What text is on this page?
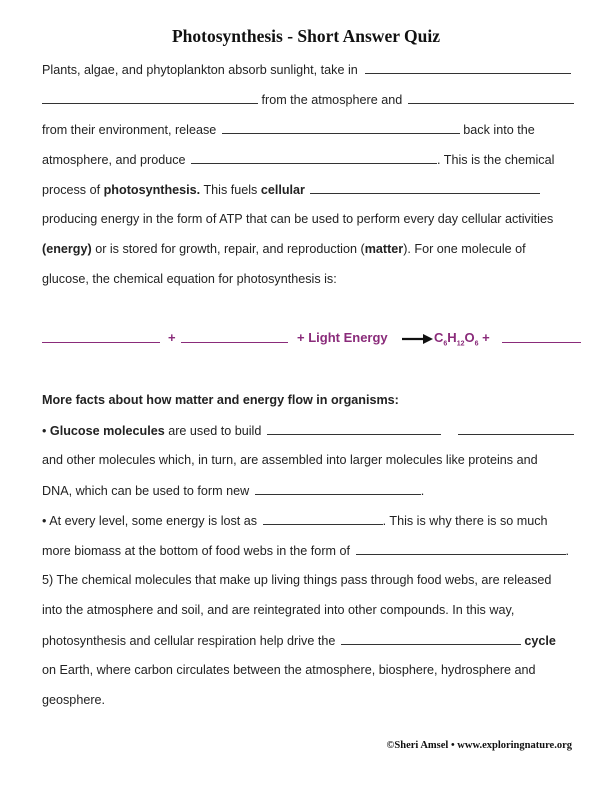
Photosynthesis - Short Answer Quiz
Plants, algae, and phytoplankton absorb sunlight, take in
from the atmosphere and
from their environment, release	back into the
atmosphere, and produce	. This is the chemical
process of photosynthesis. This fuels cellular
producing energy in the form of ATP that can be used to perform every day cellular activities
(energy) or is stored for growth, repair, and reproduction (matter). For one molecule of
glucose, the chemical equation for photosynthesis is:
+	+ Light Energy → $C_6H_{12}O_6$ +
More facts about how matter and energy flow in organisms:
• Glucose molecules are used to build
and other molecules which, in turn, are assembled into larger molecules like proteins and
DNA, which can be used to form new	.
• At every level, some energy is lost as	. This is why there is so much
more biomass at the bottom of food webs in the form of	.
5) The chemical molecules that make up living things pass through food webs, are released
into the atmosphere and soil, and are reintegrated into other compounds. In this way,
photosynthesis and cellular respiration help drive the	cycle
on Earth, where carbon circulates between the atmosphere, biosphere, hydrosphere and
geosphere.
©Sheri Amsel • www.exploringnature.org
